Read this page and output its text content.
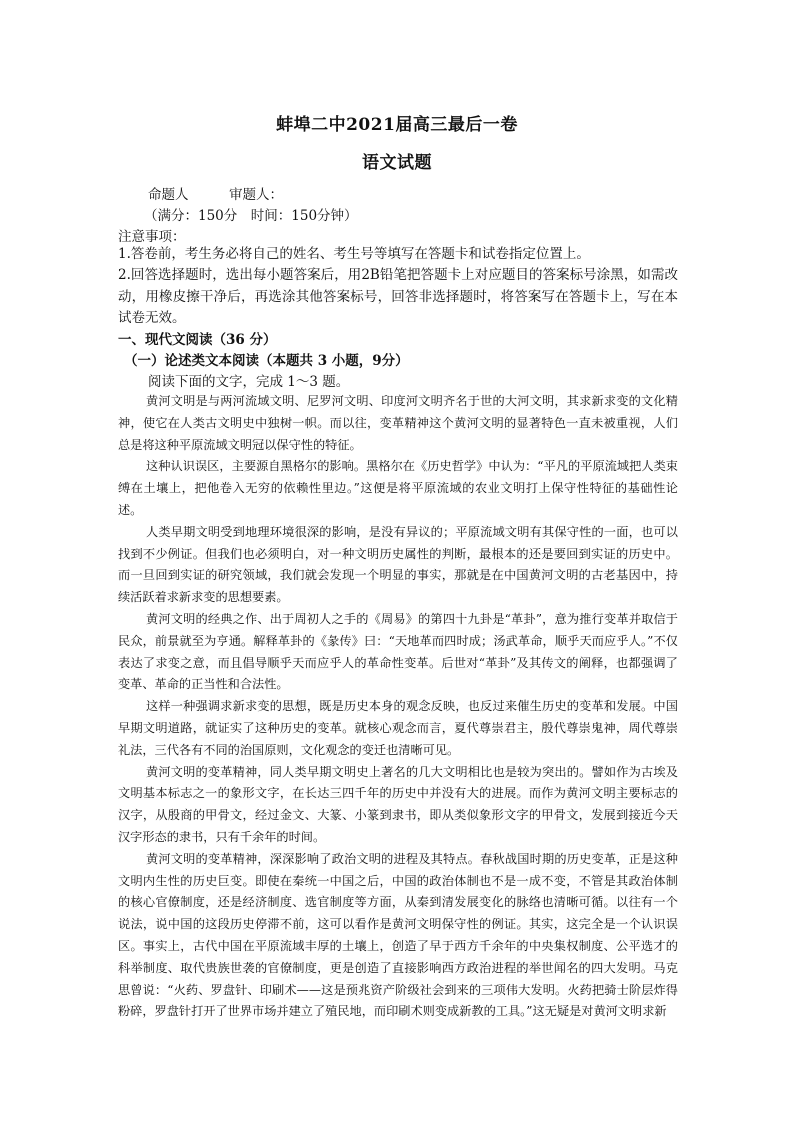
蚌埠二中2021届高三最后一卷
语文试题
命题人　　　审题人：
（满分：150分　时间：150分钟）
注意事项：
1.答卷前，考生务必将自己的姓名、考生号等填写在答题卡和试卷指定位置上。
2.回答选择题时，选出每小题答案后，用2B铅笔把答题卡上对应题目的答案标号涂黑，如需改动，用橡皮擦干净后，再选涂其他答案标号，回答非选择题时，将答案写在答题卡上，写在本试卷无效。
一、现代文阅读（36 分）
（一）论述类文本阅读（本题共 3 小题，9分）
阅读下面的文字，完成 1～3 题。

黄河文明是与两河流域文明、尼罗河文明、印度河文明齐名于世的大河文明，其求新求变的文化精神，使它在人类古文明史中独树一帜。而以往，变革精神这个黄河文明的显著特色一直未被重视，人们总是将这种平原流域文明冠以保守性的特征。

这种认识误区，主要源自黑格尔的影响。黑格尔在《历史哲学》中认为：“平凡的平原流域把人类束缚在土壤上，把他卷入无穷的依赖性里边。”这便是将平原流域的农业文明打上保守性特征的基础性论述。

人类早期文明受到地理环境很深的影响，是没有异议的；平原流域文明有其保守性的一面，也可以找到不少例证。但我们也必须明白，对一种文明历史属性的判断，最根本的还是要回到实证的历史中。而一旦回到实证的研究领域，我们就会发现一个明显的事实，那就是在中国黄河文明的古老基因中，持续活跃着求新求变的思想要素。

黄河文明的经典之作、出于周初人之手的《周易》的第四十九卦是“革卦”，意为推行变革并取信于民众，前景就至为亨通。解释革卦的《彖传》曰：“天地革而四时成；汤武革命，顺乎天而应乎人。”不仅表达了求变之意，而且倡导顺乎天而应乎人的革命性变革。后世对“革卦”及其传文的阐释，也都强调了变革、革命的正当性和合法性。

这样一种强调求新求变的思想，既是历史本身的观念反映，也反过来催生历史的变革和发展。中国早期文明道路，就证实了这种历史的变革。就核心观念而言，夏代尊崇君主，殷代尊崇鬼神，周代尊崇礼法，三代各有不同的治国原则，文化观念的变迁也清晰可见。

黄河文明的变革精神，同人类早期文明史上著名的几大文明相比也是较为突出的。譬如作为古埃及文明基本标志之一的象形文字，在长达三四千年的历史中并没有大的进展。而作为黄河文明主要标志的汉字，从殷商的甲骨文，经过金文、大篆、小篆到隶书，即从类似象形文字的甲骨文，发展到接近今天汉字形态的隶书，只有千余年的时间。

黄河文明的变革精神，深深影响了政治文明的进程及其特点。春秋战国时期的历史变革，正是这种文明内生性的历史巨变。即使在秦统一中国之后，中国的政治体制也不是一成不变，不管是其政治体制的核心官僚制度，还是经济制度、选官制度等方面，从秦到清发展变化的脉络也清晰可循。以往有一个说法，说中国的这段历史停滞不前，这可以看作是黄河文明保守性的例证。其实，这完全是一个认识误区。事实上，古代中国在平原流域丰厚的土壤上，创造了早于西方千余年的中央集权制度、公平选才的科举制度、取代贵族世袭的官僚制度，更是创造了直接影响西方政治进程的举世闻名的四大发明。马克思曾说：“火药、罗盘针、印刷术——这是预兆资产阶级社会到来的三项伟大发明。火药把骑士阶层炸得粉碎，罗盘针打开了世界市场并建立了殖民地，而印刷术则变成新教的工具。”这无疑是对黄河文明求新
